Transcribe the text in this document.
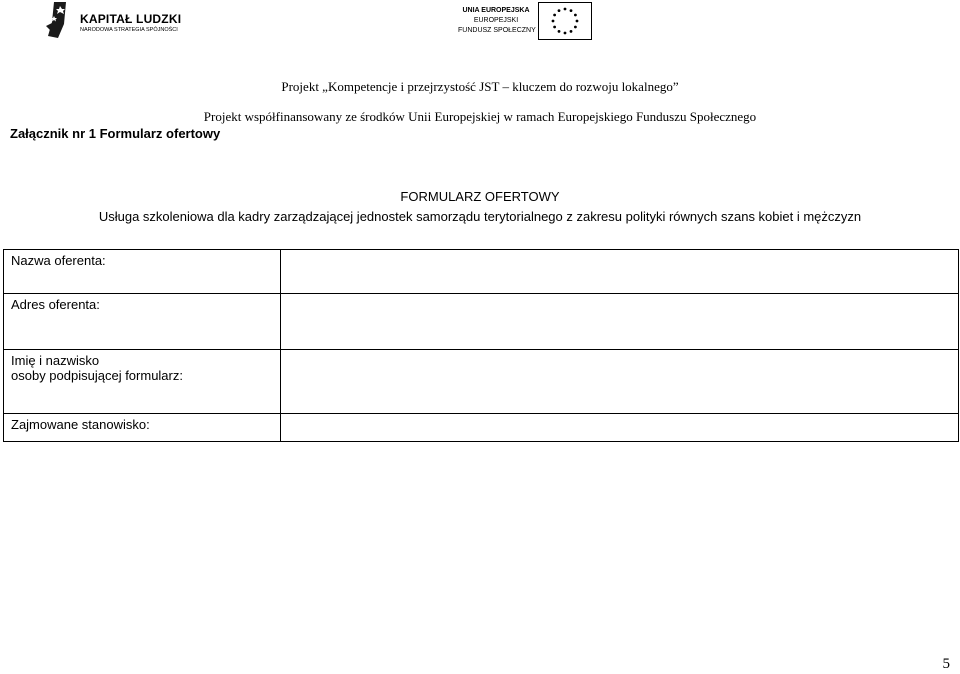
KAPITAŁ LUDZKI
NARODOWA STRATEGIA SPÓJNOŚCI
UNIA EUROPEJSKA
EUROPEJSKI
FUNDUSZ SPOŁECZNY
Projekt „Kompetencje i przejrzystość JST – kluczem do rozwoju lokalnego”
Projekt współfinansowany ze środków Unii Europejskiej w ramach Europejskiego Funduszu Społecznego
Załącznik nr 1 Formularz ofertowy
FORMULARZ OFERTOWY
Usługa szkoleniowa dla kadry zarządzającej jednostek samorządu terytorialnego z zakresu polityki równych szans kobiet i mężczyzn
Nazwa oferenta:	

Adres oferenta:	

Imię i nazwisko
osoby podpisującej formularz:	

Zajmowane stanowisko:	

5
